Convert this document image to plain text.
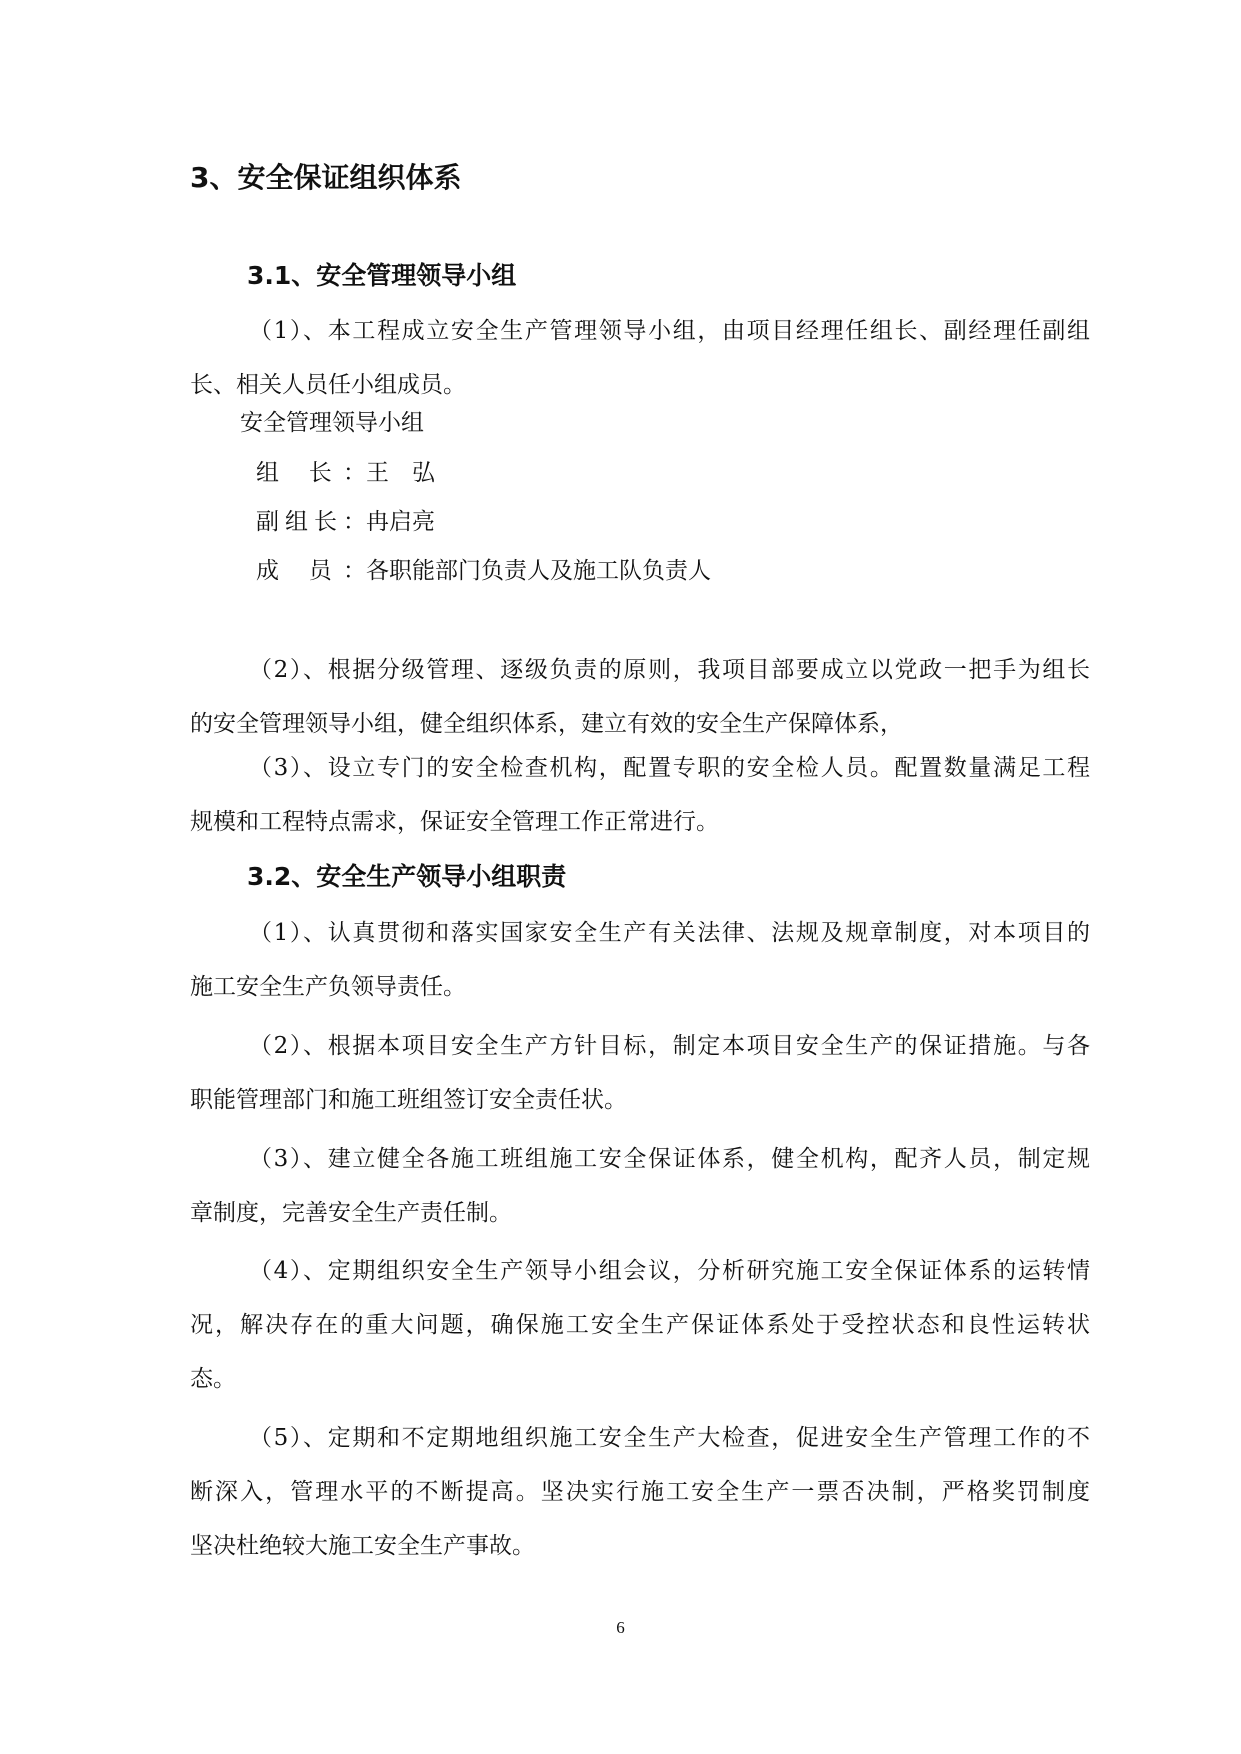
3、安全保证组织体系
3.1、安全管理领导小组
（1）、本工程成立安全生产管理领导小组，由项目经理任组长、副经理任副组
长、相关人员任小组成员。
安全管理领导小组
组 长：王　弘
副组长：冉启亮
成 员：各职能部门负责人及施工队负责人
（2）、根据分级管理、逐级负责的原则，我项目部要成立以党政一把手为组长
的安全管理领导小组，健全组织体系，建立有效的安全生产保障体系，
（3）、设立专门的安全检查机构，配置专职的安全检人员。配置数量满足工程
规模和工程特点需求，保证安全管理工作正常进行。
3.2、安全生产领导小组职责
（1）、认真贯彻和落实国家安全生产有关法律、法规及规章制度，对本项目的
施工安全生产负领导责任。
（2）、根据本项目安全生产方针目标，制定本项目安全生产的保证措施。与各
职能管理部门和施工班组签订安全责任状。
（3）、建立健全各施工班组施工安全保证体系，健全机构，配齐人员，制定规
章制度，完善安全生产责任制。
（4）、定期组织安全生产领导小组会议，分析研究施工安全保证体系的运转情
况，解决存在的重大问题，确保施工安全生产保证体系处于受控状态和良性运转状
态。
（5）、定期和不定期地组织施工安全生产大检查，促进安全生产管理工作的不
断深入，管理水平的不断提高。坚决实行施工安全生产一票否决制，严格奖罚制度
坚决杜绝较大施工安全生产事故。
6
